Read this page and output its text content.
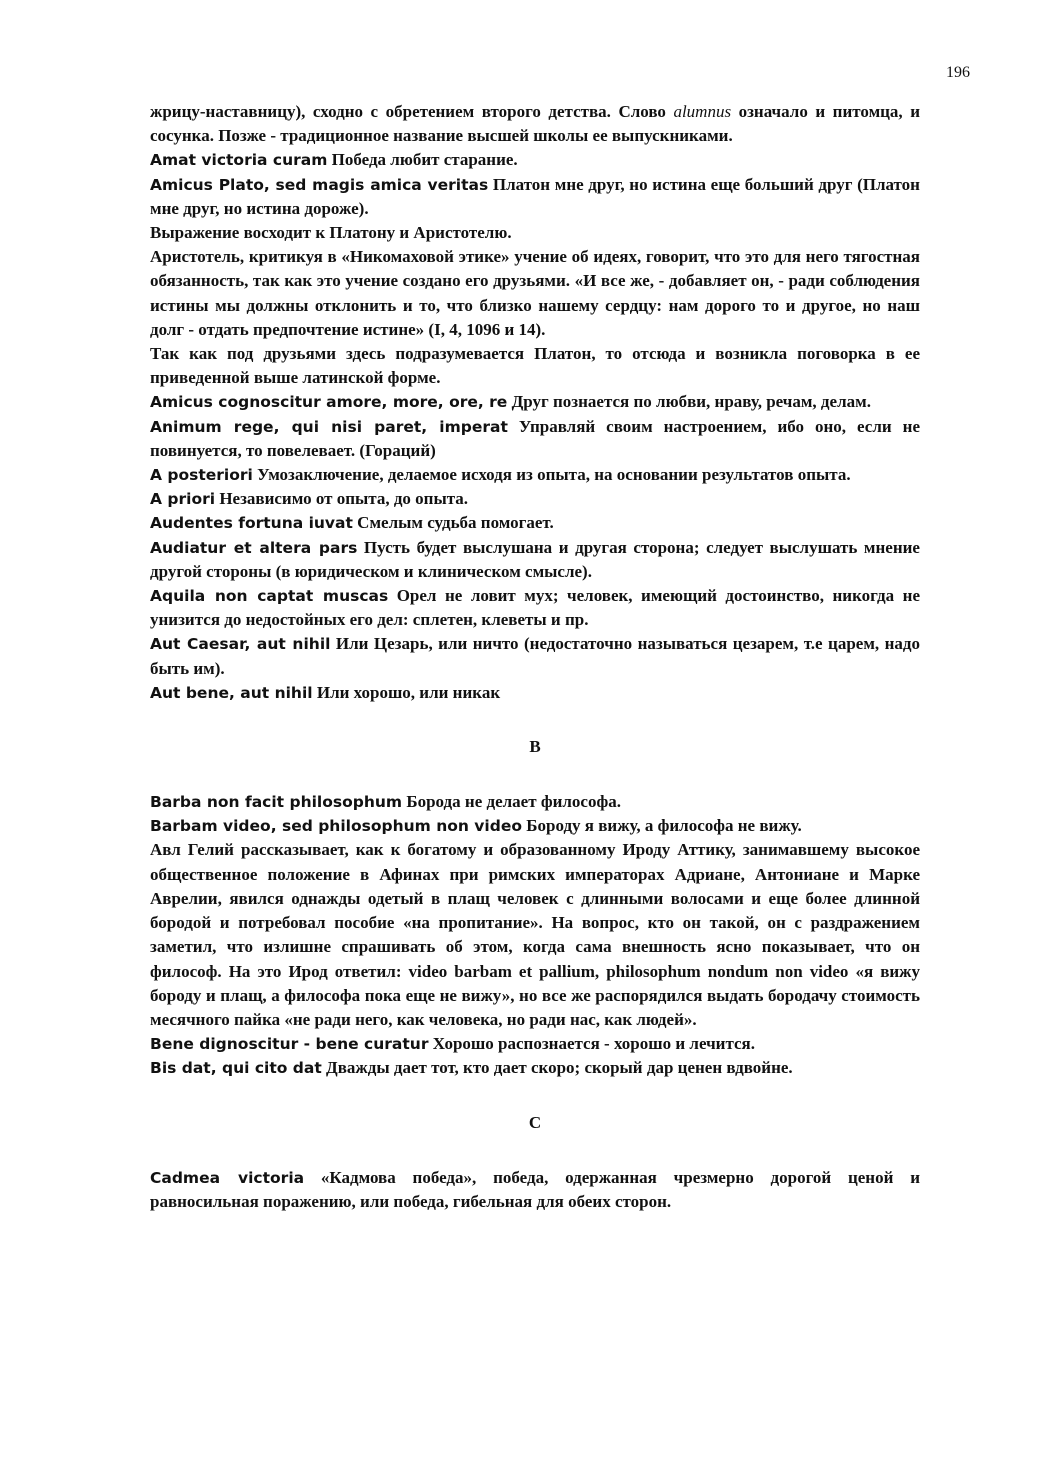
196

жрицу-наставницу), сходно с обретением второго детства. Слово alumnus означало и питомца, и сосунка. Позже - традиционное название высшей школы ее выпускниками.

Amat victoria curam Победа любит старание.

Amicus Plato, sed magis amica veritas Платон мне друг, но истина еще больший друг (Платон мне друг, но истина дороже).

Выражение восходит к Платону и Аристотелю.

Аристотель, критикуя в «Никомаховой этике» учение об идеях, говорит, что это для него тягостная обязанность, так как это учение создано его друзьями. «И все же, - добавляет он, - ради соблюдения истины мы должны отклонить и то, что близко нашему сердцу: нам дорого то и другое, но наш долг - отдать предпочтение истине» (I, 4, 1096 и 14).

Так как под друзьями здесь подразумевается Платон, то отсюда и возникла поговорка в ее приведенной выше латинской форме.

Amicus cognoscitur amore, more, ore, re Друг познается по любви, нраву, речам, делам.

Animum rege, qui nisi paret, imperat Управляй своим настроением, ибо оно, если не повинуется, то повелевает. (Гораций)

A posteriori Умозаключение, делаемое исходя из опыта, на основании результатов опыта.

A priori Независимо от опыта, до опыта.

Audentes fortuna iuvat Смелым судьба помогает.

Audiatur et altera pars Пусть будет выслушана и другая сторона; следует выслушать мнение другой стороны (в юридическом и клиническом смысле).

Aquila non captat muscas Орел не ловит мух; человек, имеющий достоинство, никогда не унизится до недостойных его дел: сплетен, клеветы и пр.

Aut Caesar, aut nihil Или Цезарь, или ничто (недостаточно называться цезарем, т.е царем, надо быть им).

Aut bene, aut nihil Или хорошо, или никак

B

Barba non facit philosophum Борода не делает философа.

Barbam video, sed philosophum non video Бороду я вижу, а философа не вижу.

Авл Гелий рассказывает, как к богатому и образованному Ироду Аттику, занимавшему высокое общественное положение в Афинах при римских императорах Адриане, Антониане и Марке Аврелии, явился однажды одетый в плащ человек с длинными волосами и еще более длинной бородой и потребовал пособие «на пропитание». На вопрос, кто он такой, он с раздражением заметил, что излишне спрашивать об этом, когда сама внешность ясно показывает, что он философ. На это Ирод ответил: video barbam et pallium, philosophum nondum non video «я вижу бороду и плащ, а философа пока еще не вижу», но все же распорядился выдать бородачу стоимость месячного пайка «не ради него, как человека, но ради нас, как людей».

Bene dignoscitur - bene curatur Хорошо распознается - хорошо и лечится.

Bis dat, qui cito dat Дважды дает тот, кто дает скоро; скорый дар ценен вдвойне.

C

Cadmea victoria «Кадмова победа», победа, одержанная чрезмерно дорогой ценой и равносильная поражению, или победа, гибельная для обеих сторон.
